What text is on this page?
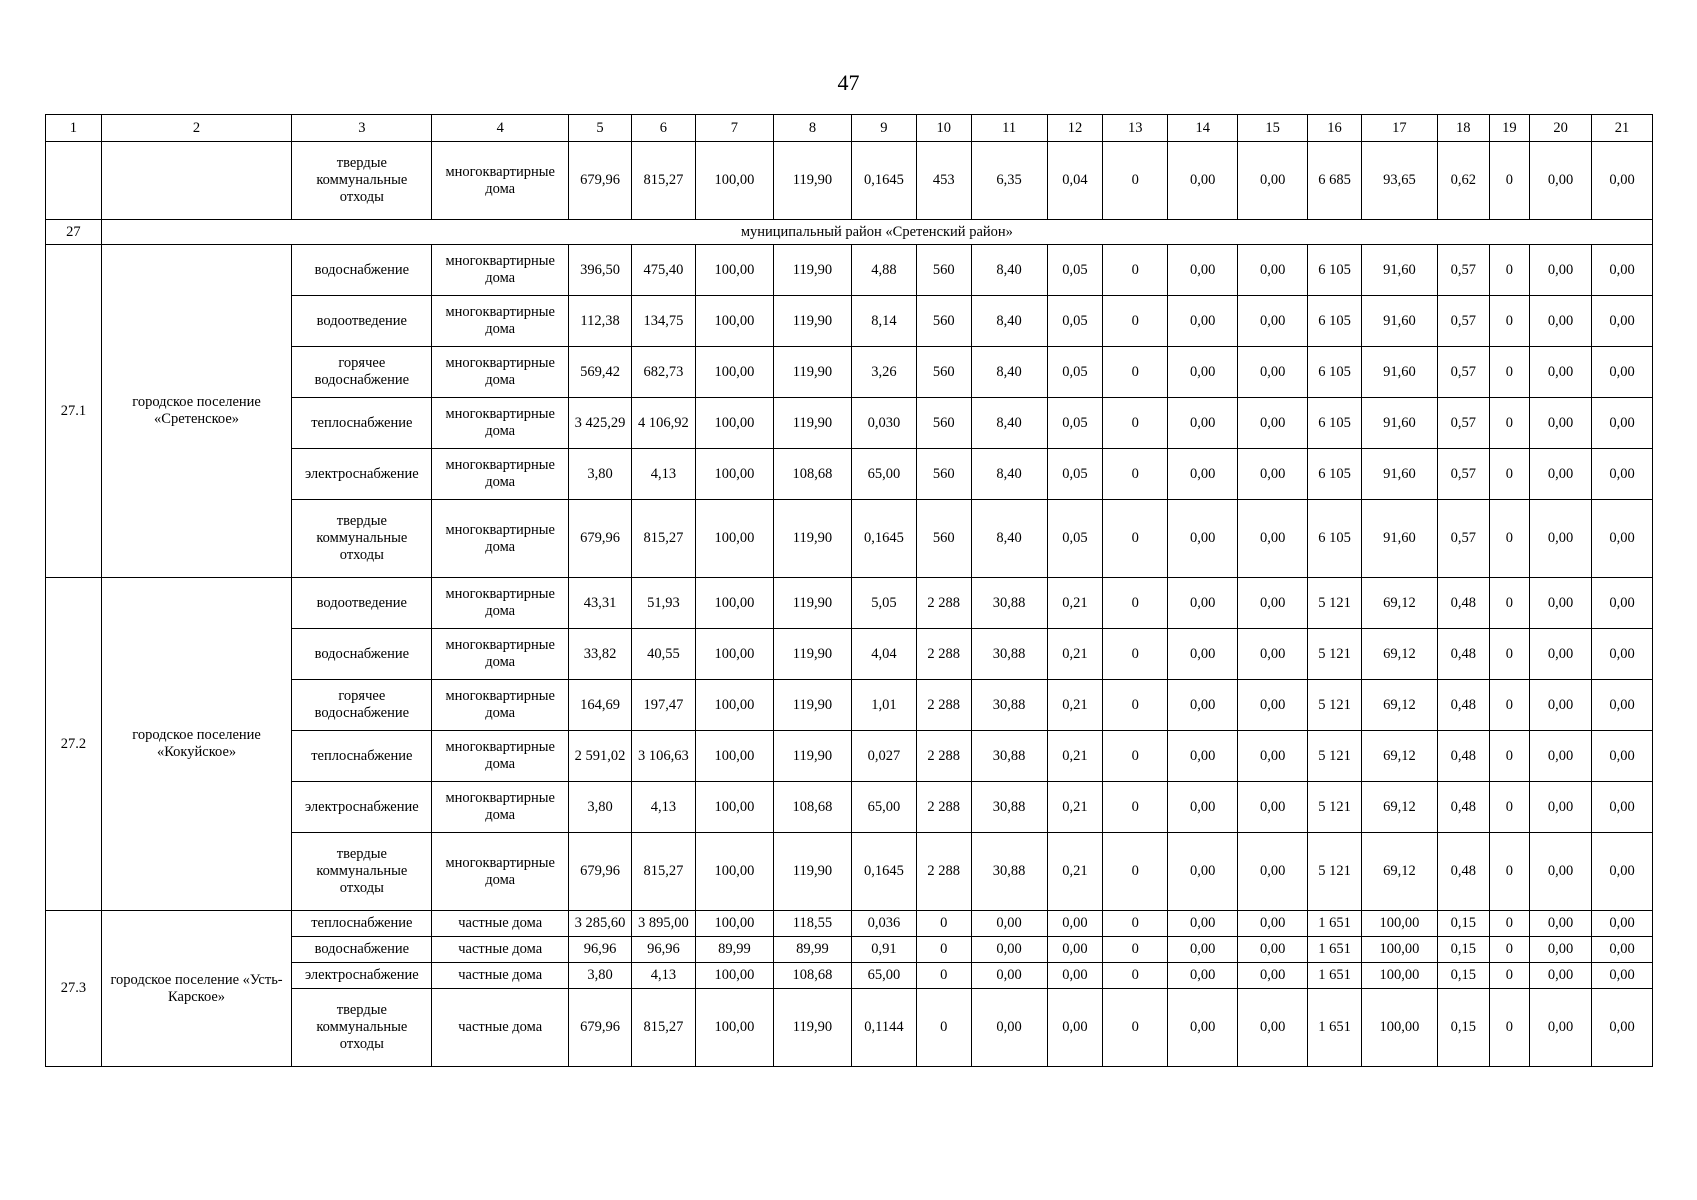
47
1	2	3	4	5	6	7	8	9	10	11	12	13	14	15	16	17	18	19	20	21
		твердые коммунальные отходы	многоквартирные дома	679,96	815,27	100,00	119,90	0,1645	453	6,35	0,04	0	0,00	0,00	6 685	93,65	0,62	0	0,00	0,00
27	муниципальный район «Сретенский район»																			
27.1	городское поселение «Сретенское»	водоснабжение	многоквартирные дома	396,50	475,40	100,00	119,90	4,88	560	8,40	0,05	0	0,00	0,00	6 105	91,60	0,57	0	0,00	0,00
		водоотведение	многоквартирные дома	112,38	134,75	100,00	119,90	8,14	560	8,40	0,05	0	0,00	0,00	6 105	91,60	0,57	0	0,00	0,00
		горячее водоснабжение	многоквартирные дома	569,42	682,73	100,00	119,90	3,26	560	8,40	0,05	0	0,00	0,00	6 105	91,60	0,57	0	0,00	0,00
		теплоснабжение	многоквартирные дома	3 425,29	4 106,92	100,00	119,90	0,030	560	8,40	0,05	0	0,00	0,00	6 105	91,60	0,57	0	0,00	0,00
		электроснабжение	многоквартирные дома	3,80	4,13	100,00	108,68	65,00	560	8,40	0,05	0	0,00	0,00	6 105	91,60	0,57	0	0,00	0,00
		твердые коммунальные отходы	многоквартирные дома	679,96	815,27	100,00	119,90	0,1645	560	8,40	0,05	0	0,00	0,00	6 105	91,60	0,57	0	0,00	0,00
27.2	городское поселение «Кокуйское»	водоотведение	многоквартирные дома	43,31	51,93	100,00	119,90	5,05	2 288	30,88	0,21	0	0,00	0,00	5 121	69,12	0,48	0	0,00	0,00
		водоснабжение	многоквартирные дома	33,82	40,55	100,00	119,90	4,04	2 288	30,88	0,21	0	0,00	0,00	5 121	69,12	0,48	0	0,00	0,00
		горячее водоснабжение	многоквартирные дома	164,69	197,47	100,00	119,90	1,01	2 288	30,88	0,21	0	0,00	0,00	5 121	69,12	0,48	0	0,00	0,00
		теплоснабжение	многоквартирные дома	2 591,02	3 106,63	100,00	119,90	0,027	2 288	30,88	0,21	0	0,00	0,00	5 121	69,12	0,48	0	0,00	0,00
		электроснабжение	многоквартирные дома	3,80	4,13	100,00	108,68	65,00	2 288	30,88	0,21	0	0,00	0,00	5 121	69,12	0,48	0	0,00	0,00
		твердые коммунальные отходы	многоквартирные дома	679,96	815,27	100,00	119,90	0,1645	2 288	30,88	0,21	0	0,00	0,00	5 121	69,12	0,48	0	0,00	0,00
27.3	городское поселение «Усть-Карское»	теплоснабжение	частные дома	3 285,60	3 895,00	100,00	118,55	0,036	0	0,00	0,00	0	0,00	0,00	1 651	100,00	0,15	0	0,00	0,00
		водоснабжение	частные дома	96,96	96,96	89,99	89,99	0,91	0	0,00	0,00	0	0,00	0,00	1 651	100,00	0,15	0	0,00	0,00
		электроснабжение	частные дома	3,80	4,13	100,00	108,68	65,00	0	0,00	0,00	0	0,00	0,00	1 651	100,00	0,15	0	0,00	0,00
		твердые коммунальные отходы	частные дома	679,96	815,27	100,00	119,90	0,1144	0	0,00	0,00	0	0,00	0,00	1 651	100,00	0,15	0	0,00	0,00
